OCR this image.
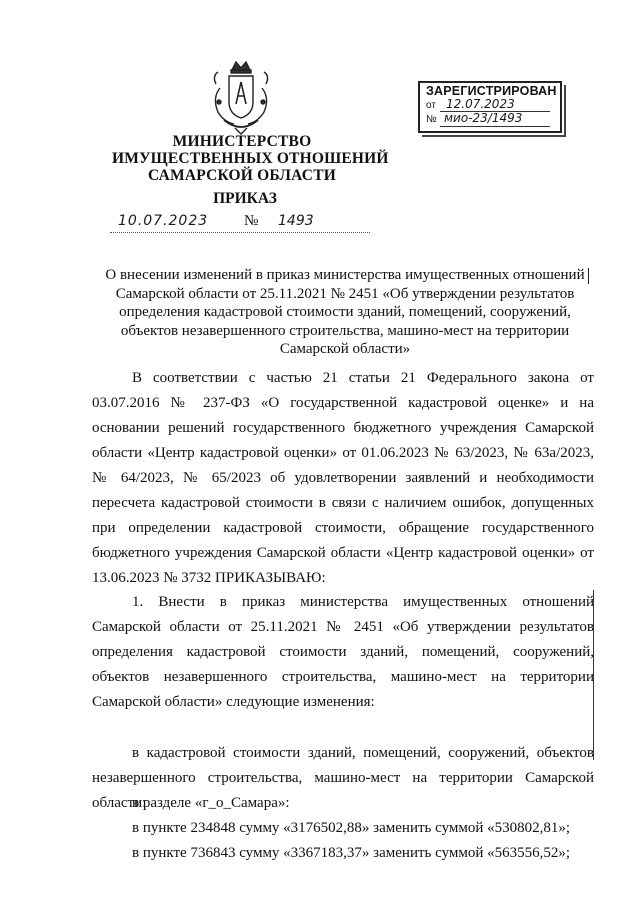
МИНИСТЕРСТВО
ИМУЩЕСТВЕННЫХ ОТНОШЕНИЙ
САМАРСКОЙ ОБЛАСТИ
ПРИКАЗ
10.07.2023 № 1493
ЗАРЕГИСТРИРОВАН
от 12.07.2023
№ мио-23/1493
О внесении изменений в приказ министерства имущественных отношений Самарской области от 25.11.2021 № 2451 «Об утверждении результатов определения кадастровой стоимости зданий, помещений, сооружений, объектов незавершенного строительства, машино-мест на территории Самарской области»

В соответствии с частью 21 статьи 21 Федерального закона от 03.07.2016 № 237-ФЗ «О государственной кадастровой оценке» и на основании решений государственного бюджетного учреждения Самарской области «Центр кадастровой оценки» от 01.06.2023 № 63/2023, № 63а/2023, № 64/2023, № 65/2023 об удовлетворении заявлений и необходимости пересчета кадастровой стоимости в связи с наличием ошибок, допущенных при определении кадастровой стоимости, обращение государственного бюджетного учреждения Самарской области «Центр кадастровой оценки» от 13.06.2023 № 3732 ПРИКАЗЫВАЮ:

1. Внести в приказ министерства имущественных отношений Самарской области от 25.11.2021 № 2451 «Об утверждении результатов определения кадастровой стоимости зданий, помещений, сооружений, объектов незавершенного строительства, машино-мест на территории Самарской области» следующие изменения:

в кадастровой стоимости зданий, помещений, сооружений, объектов незавершенного строительства, машино-мест на территории Самарской области:

в разделе «г_о_Самара»:
в пункте 234848 сумму «3176502,88» заменить суммой «530802,81»;
в пункте 736843 сумму «3367183,37» заменить суммой «563556,52»;
